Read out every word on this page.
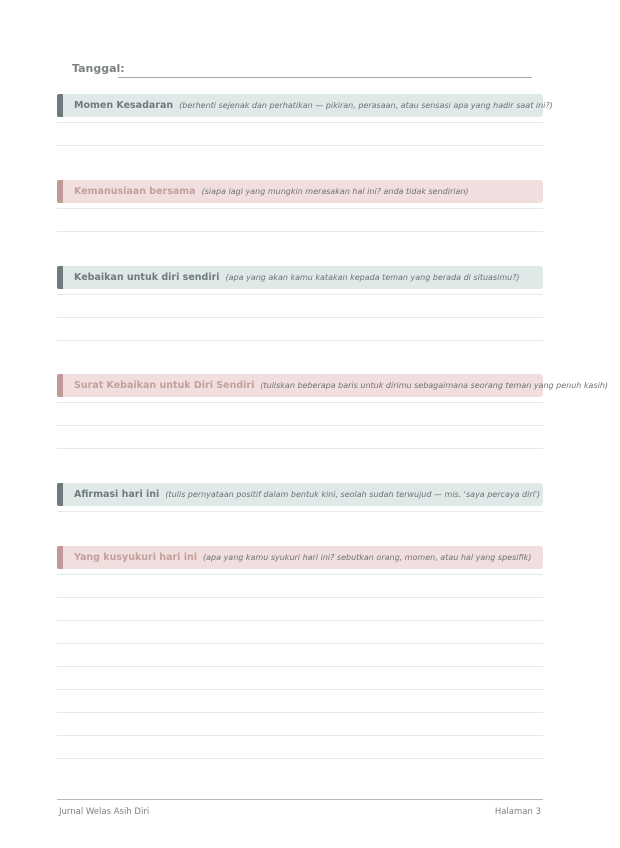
Tanggal:
Momen Kesadaran (berhenti sejenak dan perhatikan — pikiran, perasaan, atau sensasi apa yang hadir saat ini?)
Kemanusiaan bersama (siapa lagi yang mungkin merasakan hal ini? anda tidak sendirian)
Kebaikan untuk diri sendiri (apa yang akan kamu katakan kepada teman yang berada di situasimu?)
Surat Kebaikan untuk Diri Sendiri (tuliskan beberapa baris untuk dirimu sebagaimana seorang teman yang penuh kasih)
Afirmasi hari ini (tulis pernyataan positif dalam bentuk kini, seolah sudah terwujud — mis. 'saya percaya diri')
Yang kusyukuri hari ini (apa yang kamu syukuri hari ini? sebutkan orang, momen, atau hal yang spesifik)
Jurnal Welas Asih Diri	Halaman 3
